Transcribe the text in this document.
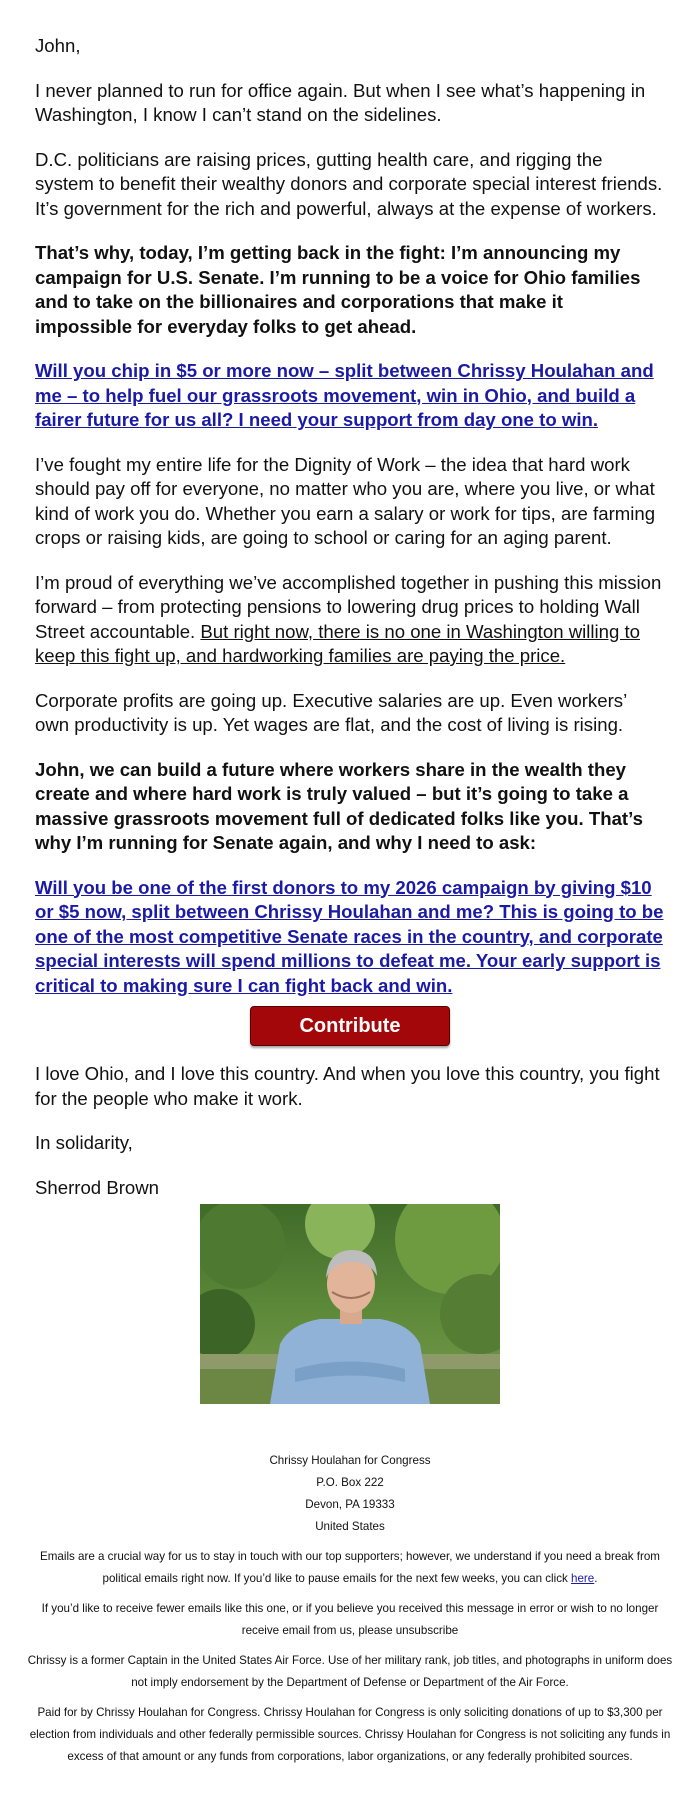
John,

I never planned to run for office again. But when I see what’s happening in Washington, I know I can’t stand on the sidelines.

D.C. politicians are raising prices, gutting health care, and rigging the system to benefit their wealthy donors and corporate special interest friends. It’s government for the rich and powerful, always at the expense of workers.

That’s why, today, I’m getting back in the fight: I’m announcing my campaign for U.S. Senate. I’m running to be a voice for Ohio families and to take on the billionaires and corporations that make it impossible for everyday folks to get ahead.

Will you chip in $5 or more now – split between Chrissy Houlahan and me – to help fuel our grassroots movement, win in Ohio, and build a fairer future for us all? I need your support from day one to win.

I’ve fought my entire life for the Dignity of Work – the idea that hard work should pay off for everyone, no matter who you are, where you live, or what kind of work you do. Whether you earn a salary or work for tips, are farming crops or raising kids, are going to school or caring for an aging parent.

I’m proud of everything we’ve accomplished together in pushing this mission forward – from protecting pensions to lowering drug prices to holding Wall Street accountable. But right now, there is no one in Washington willing to keep this fight up, and hardworking families are paying the price.

Corporate profits are going up. Executive salaries are up. Even workers’ own productivity is up. Yet wages are flat, and the cost of living is rising.

John, we can build a future where workers share in the wealth they create and where hard work is truly valued – but it’s going to take a massive grassroots movement full of dedicated folks like you. That’s why I’m running for Senate again, and why I need to ask:

Will you be one of the first donors to my 2026 campaign by giving $10 or $5 now, split between Chrissy Houlahan and me? This is going to be one of the most competitive Senate races in the country, and corporate special interests will spend millions to defeat me. Your early support is critical to making sure I can fight back and win.

Contribute

I love Ohio, and I love this country. And when you love this country, you fight for the people who make it work.

In solidarity,

Sherrod Brown

Chrissy Houlahan for Congress
P.O. Box 222
Devon, PA 19333
United States

Emails are a crucial way for us to stay in touch with our top supporters; however, we understand if you need a break from political emails right now. If you’d like to pause emails for the next few weeks, you can click here.

If you’d like to receive fewer emails like this one, or if you believe you received this message in error or wish to no longer receive email from us, please unsubscribe

Chrissy is a former Captain in the United States Air Force. Use of her military rank, job titles, and photographs in uniform does not imply endorsement by the Department of Defense or Department of the Air Force.

Paid for by Chrissy Houlahan for Congress. Chrissy Houlahan for Congress is only soliciting donations of up to $3,300 per election from individuals and other federally permissible sources. Chrissy Houlahan for Congress is not soliciting any funds in excess of that amount or any funds from corporations, labor organizations, or any federally prohibited sources.
